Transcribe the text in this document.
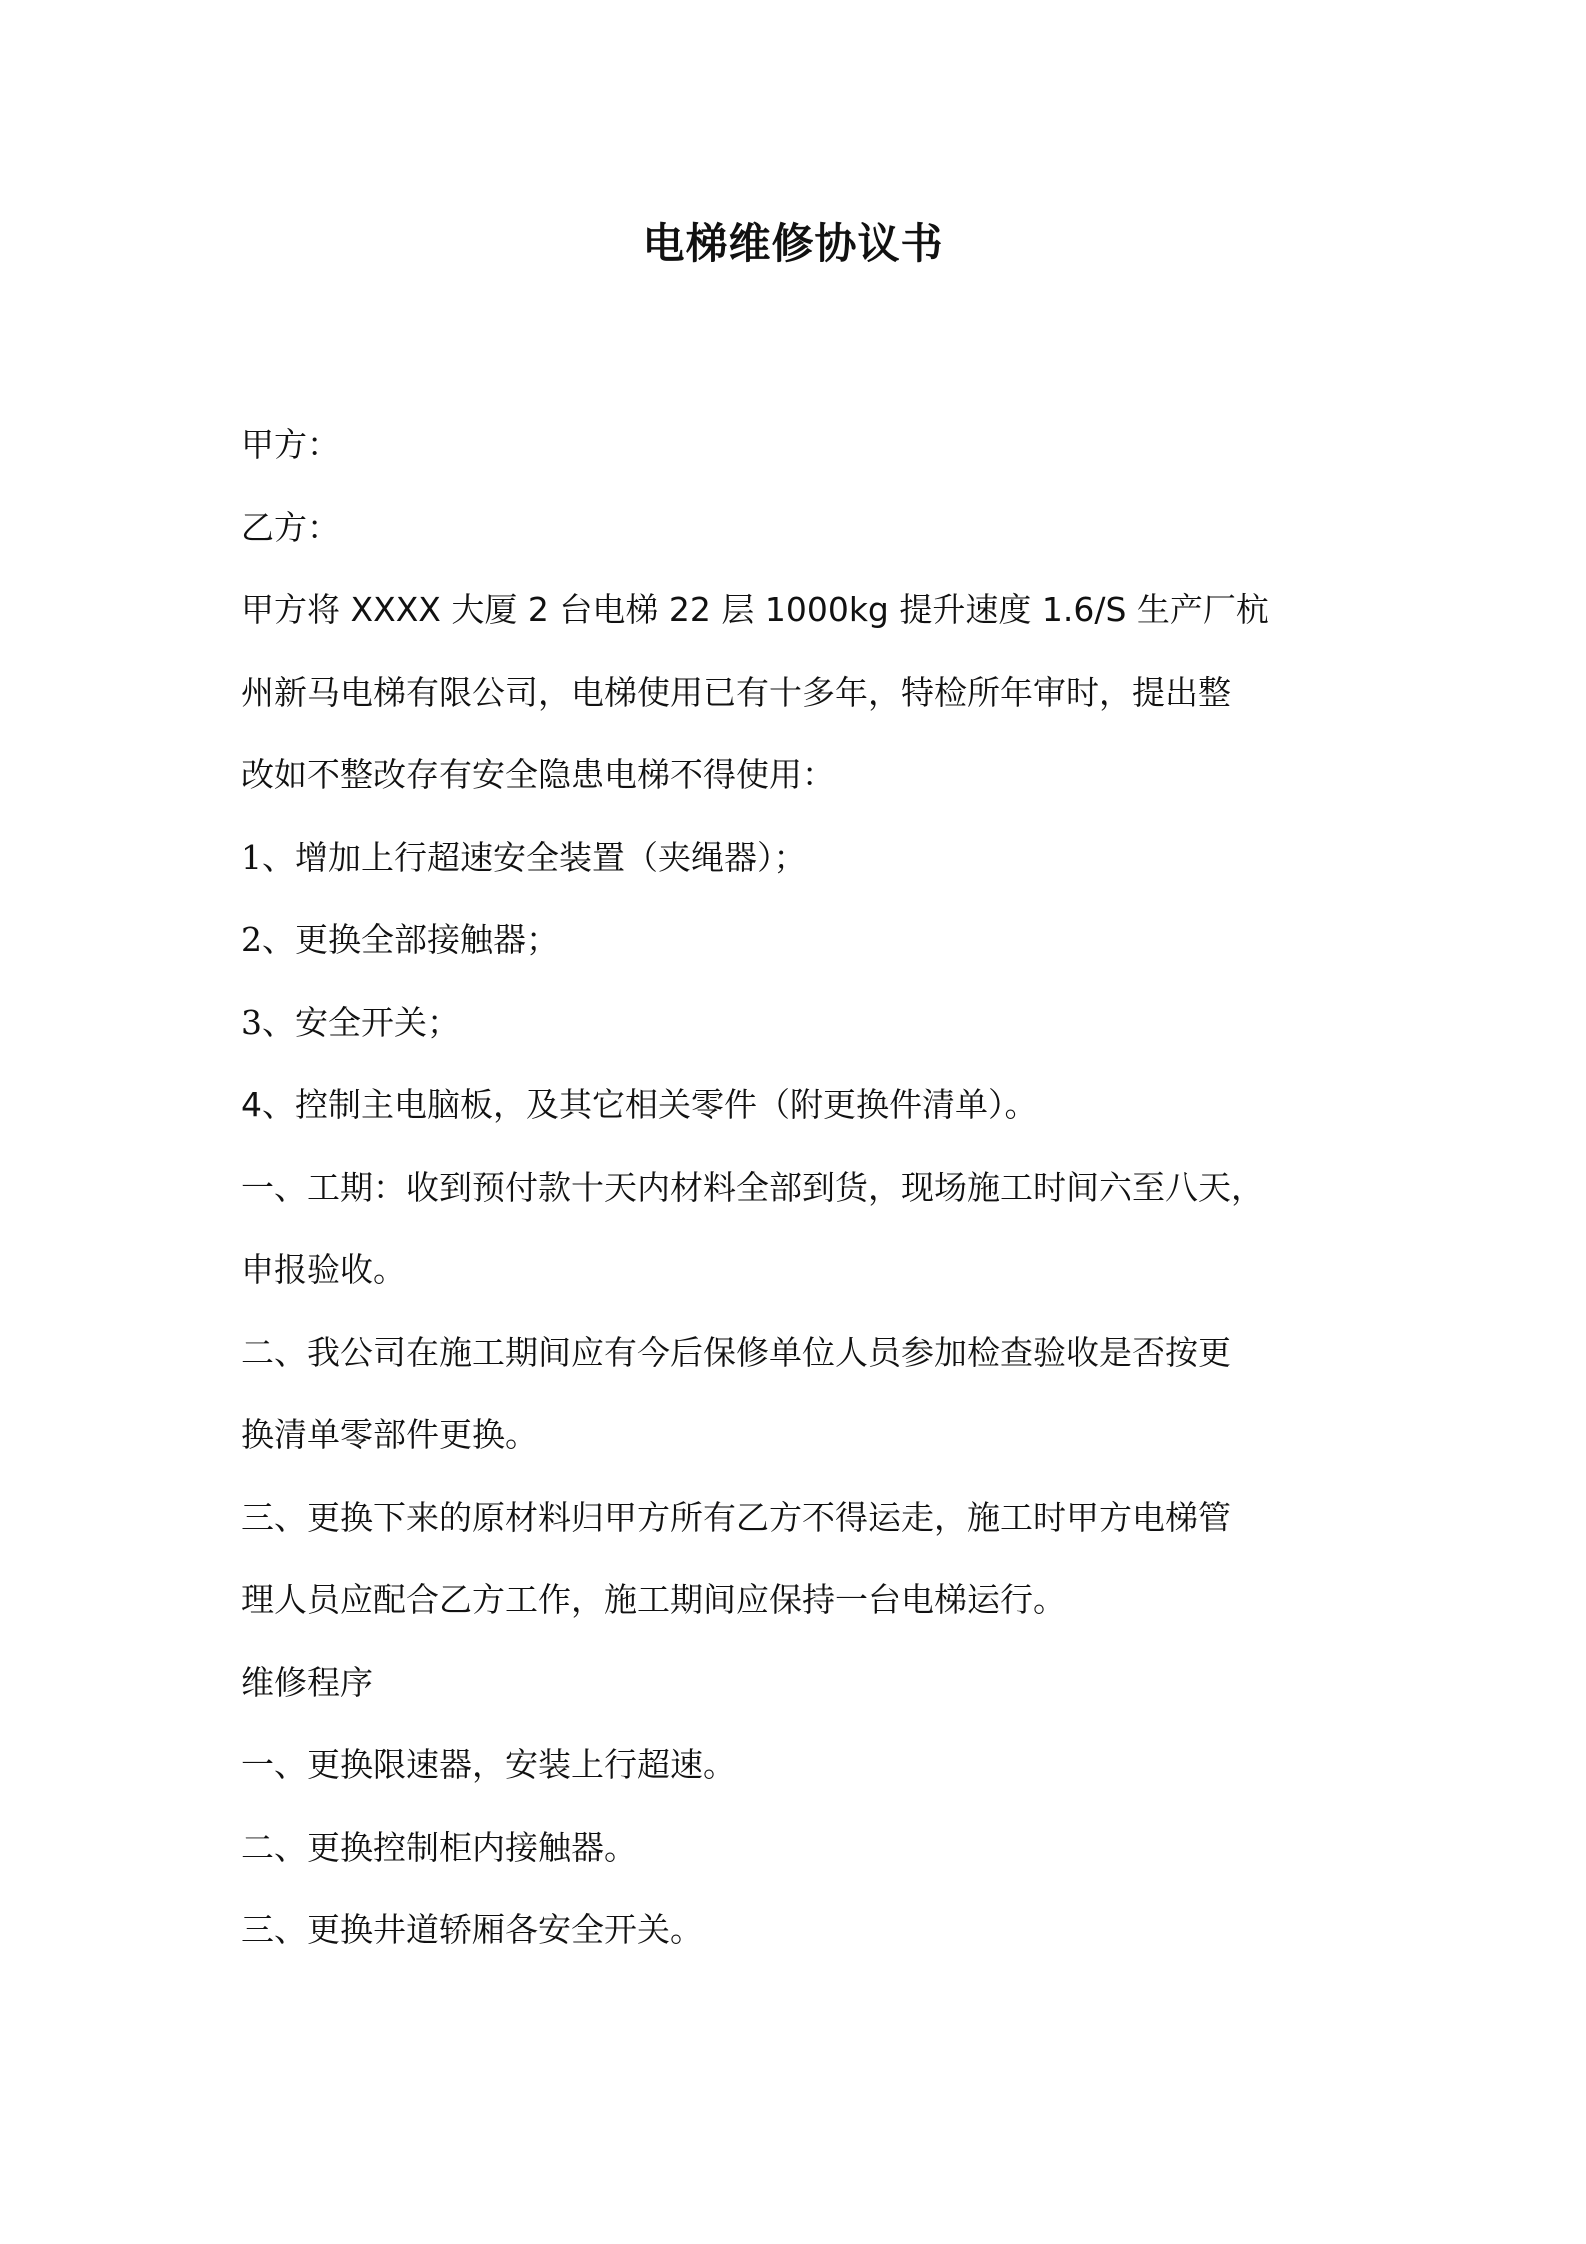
电梯维修协议书
甲方：
乙方：
甲方将 XXXX 大厦 2 台电梯 22 层 1000kg 提升速度 1.6/S 生产厂杭
州新马电梯有限公司，电梯使用已有十多年，特检所年审时，提出整
改如不整改存有安全隐患电梯不得使用：
1、增加上行超速安全装置（夹绳器）；
2、更换全部接触器；
3、安全开关；
4、控制主电脑板，及其它相关零件（附更换件清单）。
一、工期：收到预付款十天内材料全部到货，现场施工时间六至八天，
申报验收。
二、我公司在施工期间应有今后保修单位人员参加检查验收是否按更
换清单零部件更换。
三、更换下来的原材料归甲方所有乙方不得运走，施工时甲方电梯管
理人员应配合乙方工作，施工期间应保持一台电梯运行。
维修程序
一、更换限速器，安装上行超速。
二、更换控制柜内接触器。
三、更换井道轿厢各安全开关。
